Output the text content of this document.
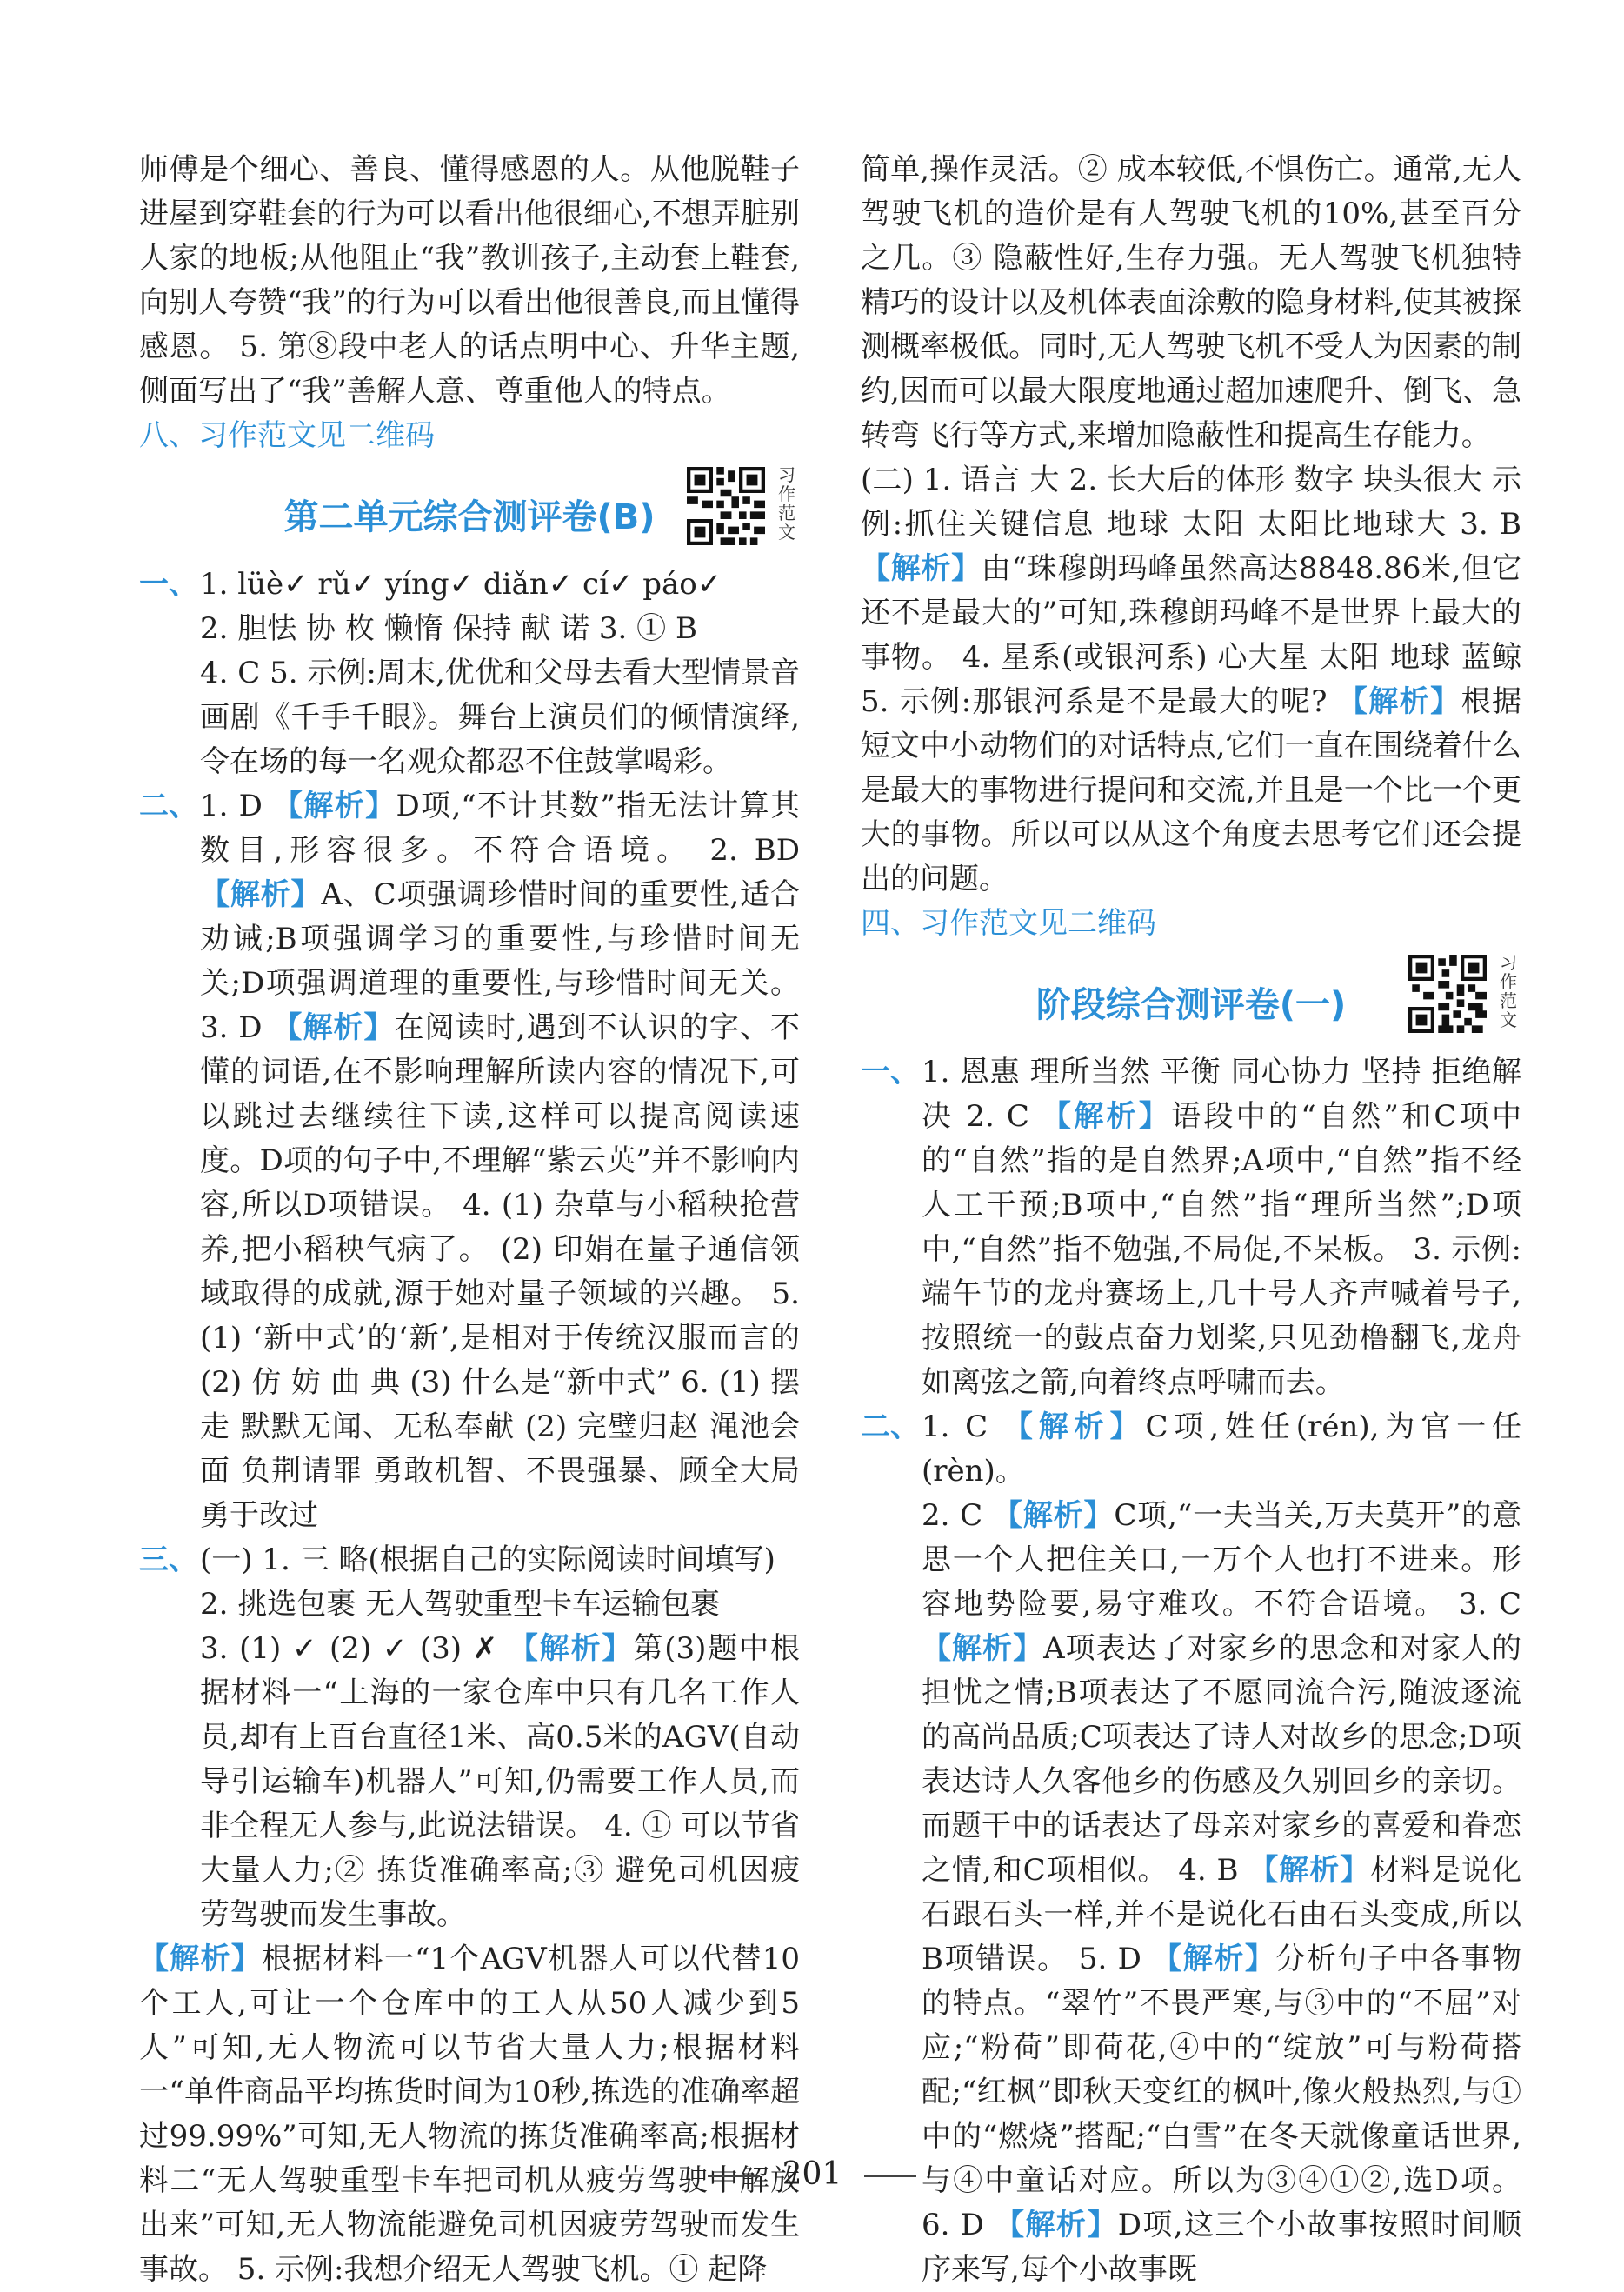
师傅是个细心、善良、懂得感恩的人。从他脱鞋子进屋到穿鞋套的行为可以看出他很细心,不想弄脏别人家的地板;从他阻止“我”教训孩子,主动套上鞋套,向别人夸赞“我”的行为可以看出他很善良,而且懂得感恩。 5. 第⑧段中老人的话点明中心、升华主题,侧面写出了“我”善解人意、尊重他人的特点。

八、习作范文见二维码

第二单元综合测评卷(B)
习作范文

一、1. lüè✓ rǔ✓ yíng✓ diǎn✓ cí✓ páo✓

2. 胆怯 协 枚 懒惰 保持 献 诺 3. ① B

4. C 5. 示例:周末,优优和父母去看大型情景音画剧《千手千眼》。舞台上演员们的倾情演绎,令在场的每一名观众都忍不住鼓掌喝彩。

二、1. D 【解析】D项,“不计其数”指无法计算其数目,形容很多。不符合语境。 2. BD 【解析】A、C项强调珍惜时间的重要性,适合劝诫;B项强调学习的重要性,与珍惜时间无关;D项强调道理的重要性,与珍惜时间无关。 3. D 【解析】在阅读时,遇到不认识的字、不懂的词语,在不影响理解所读内容的情况下,可以跳过去继续往下读,这样可以提高阅读速度。D项的句子中,不理解“紫云英”并不影响内容,所以D项错误。 4. (1) 杂草与小稻秧抢营养,把小稻秧气病了。 (2) 印娟在量子通信领域取得的成就,源于她对量子领域的兴趣。 5. (1) ‘新中式’的‘新’,是相对于传统汉服而言的 (2) 仿 妨 曲 典 (3) 什么是“新中式” 6. (1) 摆 走 默默无闻、无私奉献 (2) 完璧归赵 渑池会面 负荆请罪 勇敢机智、不畏强暴、顾全大局 勇于改过

三、(一) 1. 三 略(根据自己的实际阅读时间填写)

2. 挑选包裹 无人驾驶重型卡车运输包裹

3. (1) ✓ (2) ✓ (3) ✗ 【解析】第(3)题中根据材料一“上海的一家仓库中只有几名工作人员,却有上百台直径1米、高0.5米的AGV(自动导引运输车)机器人”可知,仍需要工作人员,而非全程无人参与,此说法错误。 4. ① 可以节省大量人力;② 拣货准确率高;③ 避免司机因疲劳驾驶而发生事故。

【解析】根据材料一“1个AGV机器人可以代替10个工人,可让一个仓库中的工人从50人减少到5人”可知,无人物流可以节省大量人力;根据材料一“单件商品平均拣货时间为10秒,拣选的准确率超过99.99%”可知,无人物流的拣货准确率高;根据材料二“无人驾驶重型卡车把司机从疲劳驾驶中解放出来”可知,无人物流能避免司机因疲劳驾驶而发生事故。 5. 示例:我想介绍无人驾驶飞机。① 起降

简单,操作灵活。② 成本较低,不惧伤亡。通常,无人驾驶飞机的造价是有人驾驶飞机的10%,甚至百分之几。③ 隐蔽性好,生存力强。无人驾驶飞机独特精巧的设计以及机体表面涂敷的隐身材料,使其被探测概率极低。同时,无人驾驶飞机不受人为因素的制约,因而可以最大限度地通过超加速爬升、倒飞、急转弯飞行等方式,来增加隐蔽性和提高生存能力。

(二) 1. 语言 大 2. 长大后的体形 数字 块头很大 示例:抓住关键信息 地球 太阳 太阳比地球大 3. B 【解析】由“珠穆朗玛峰虽然高达8848.86米,但它还不是最大的”可知,珠穆朗玛峰不是世界上最大的事物。 4. 星系(或银河系) 心大星 太阳 地球 蓝鲸 5. 示例:那银河系是不是最大的呢? 【解析】根据短文中小动物们的对话特点,它们一直在围绕着什么是最大的事物进行提问和交流,并且是一个比一个更大的事物。所以可以从这个角度去思考它们还会提出的问题。

四、习作范文见二维码

阶段综合测评卷(一)
习作范文

一、1. 恩惠 理所当然 平衡 同心协力 坚持 拒绝解决 2. C 【解析】语段中的“自然”和C项中的“自然”指的是自然界;A项中,“自然”指不经人工干预;B项中,“自然”指“理所当然”;D项中,“自然”指不勉强,不局促,不呆板。 3. 示例:端午节的龙舟赛场上,几十号人齐声喊着号子,按照统一的鼓点奋力划桨,只见劲橹翻飞,龙舟如离弦之箭,向着终点呼啸而去。

二、1. C 【解析】C项,姓任(rén),为官一任(rèn)。

2. C 【解析】C项,“一夫当关,万夫莫开”的意思一个人把住关口,一万个人也打不进来。形容地势险要,易守难攻。不符合语境。 3. C 【解析】A项表达了对家乡的思念和对家人的担忧之情;B项表达了不愿同流合污,随波逐流的高尚品质;C项表达了诗人对故乡的思念;D项表达诗人久客他乡的伤感及久别回乡的亲切。而题干中的话表达了母亲对家乡的喜爱和眷恋之情,和C项相似。 4. B 【解析】材料是说化石跟石头一样,并不是说化石由石头变成,所以B项错误。 5. D 【解析】分析句子中各事物的特点。“翠竹”不畏严寒,与③中的“不屈”对应;“粉荷”即荷花,④中的“绽放”可与粉荷搭配;“红枫”即秋天变红的枫叶,像火般热烈,与①中的“燃烧”搭配;“白雪”在冬天就像童话世界,与④中童话对应。所以为③④①②,选D项。 6. D 【解析】D项,这三个小故事按照时间顺序来写,每个小故事既

201
